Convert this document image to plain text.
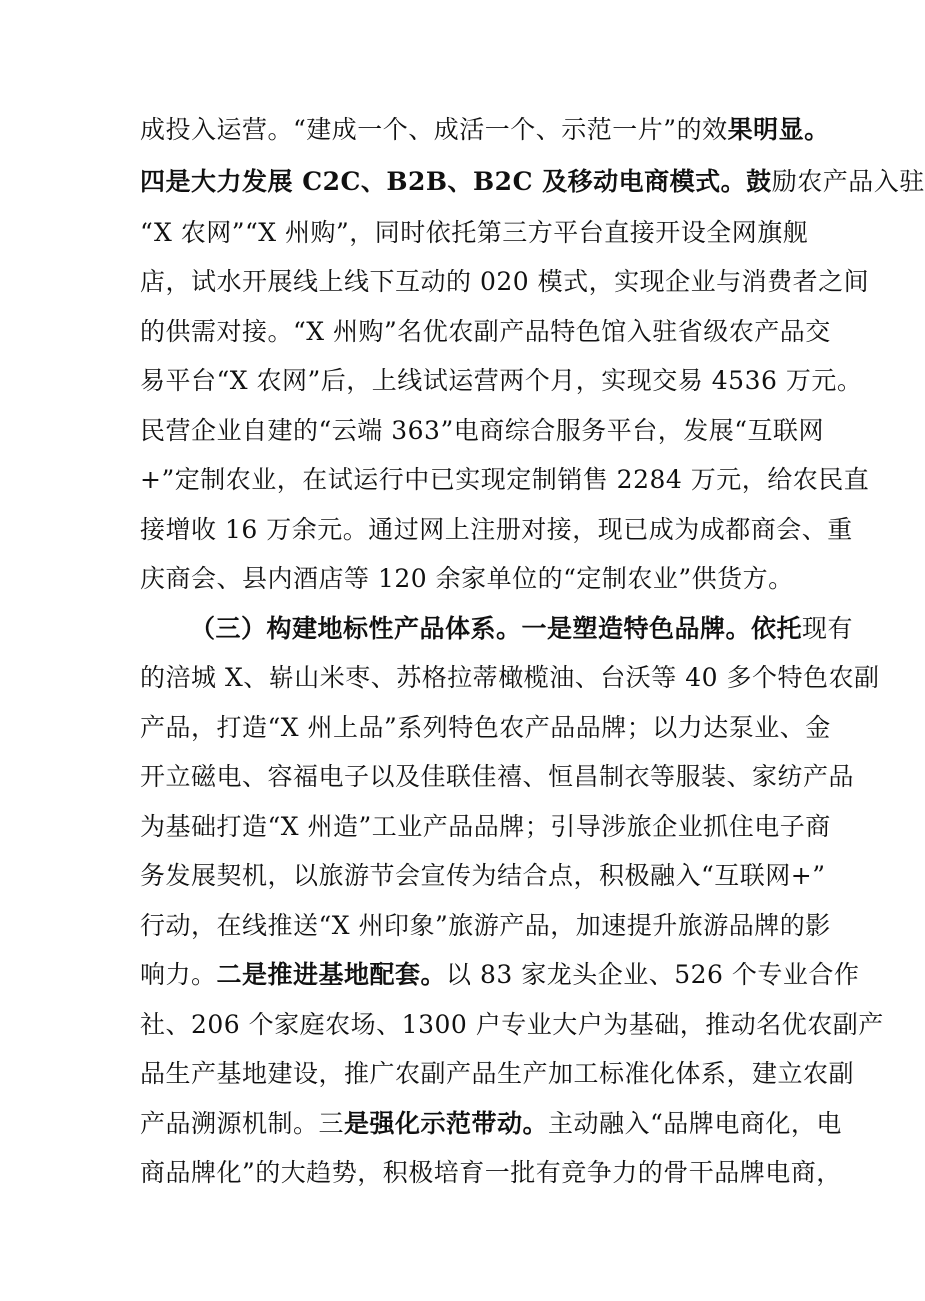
成投入运营。“建成一个、成活一个、示范一片”的效果明显。
四是大力发展 C2C、B2B、B2C 及移动电商模式。鼓励农产品入驻
“X 农网”“X 州购”，同时依托第三方平台直接开设全网旗舰
店，试水开展线上线下互动的 020 模式，实现企业与消费者之间
的供需对接。“X 州购”名优农副产品特色馆入驻省级农产品交
易平台“X 农网”后，上线试运营两个月，实现交易 4536 万元。
民营企业自建的“云端 363”电商综合服务平台，发展“互联网
+”定制农业，在试运行中已实现定制销售 2284 万元，给农民直
接增收 16 万余元。通过网上注册对接，现已成为成都商会、重
庆商会、县内酒店等 120 余家单位的“定制农业”供货方。
（三）构建地标性产品体系。一是塑造特色品牌。依托现有
的涪城 X、崭山米枣、苏格拉蒂橄榄油、台沃等 40 多个特色农副
产品，打造“X 州上品”系列特色农产品品牌；以力达泵业、金
开立磁电、容福电子以及佳联佳禧、恒昌制衣等服装、家纺产品
为基础打造“X 州造”工业产品品牌；引导涉旅企业抓住电子商
务发展契机，以旅游节会宣传为结合点，积极融入“互联网+”
行动，在线推送“X 州印象”旅游产品，加速提升旅游品牌的影
响力。二是推进基地配套。以 83 家龙头企业、526 个专业合作
社、206 个家庭农场、1300 户专业大户为基础，推动名优农副产
品生产基地建设，推广农副产品生产加工标准化体系，建立农副
产品溯源机制。三是强化示范带动。主动融入“品牌电商化，电
商品牌化”的大趋势，积极培育一批有竞争力的骨干品牌电商，
